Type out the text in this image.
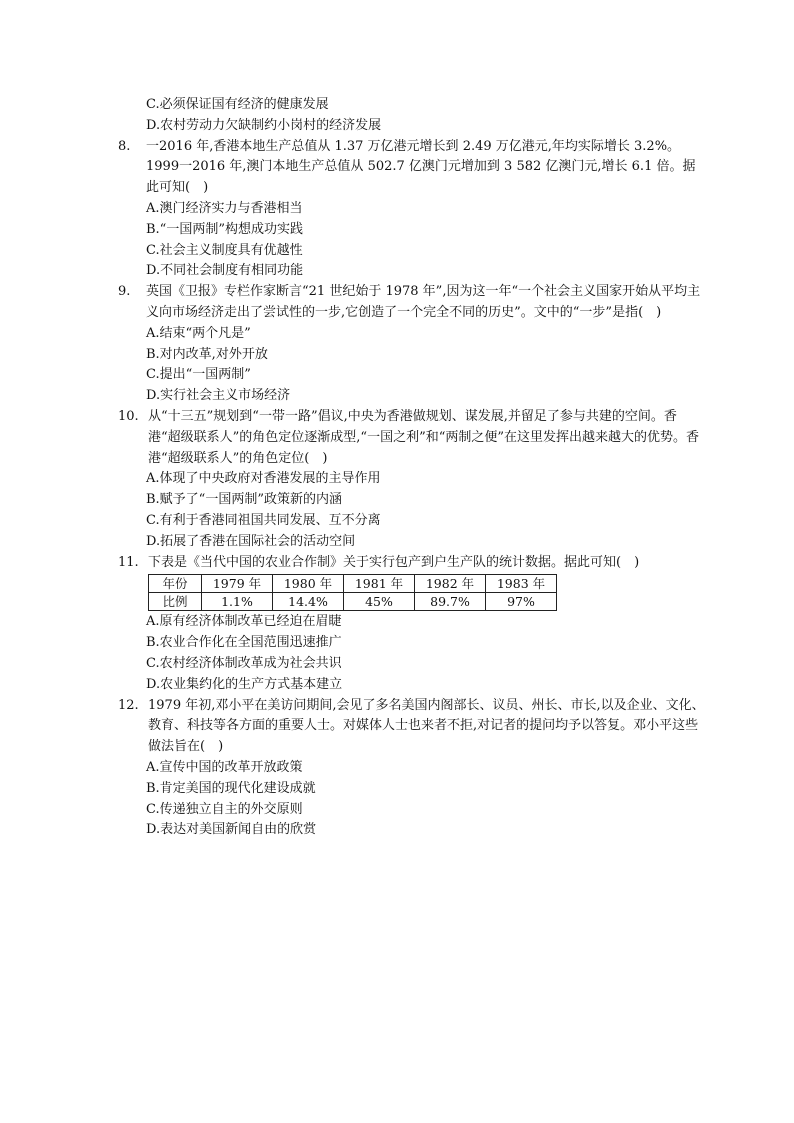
C.必须保证国有经济的健康发展
D.农村劳动力欠缺制约小岗村的经济发展
8.	一2016 年,香港本地生产总值从 1.37 万亿港元增长到 2.49 万亿港元,年均实际增长 3.2%。1999一2016 年,澳门本地生产总值从 502.7 亿澳门元增加到 3 582 亿澳门元,增长 6.1 倍。据此可知(　)
A.澳门经济实力与香港相当
B.“一国两制”构想成功实践
C.社会主义制度具有优越性
D.不同社会制度有相同功能
9.	英国《卫报》专栏作家断言“21 世纪始于 1978 年”,因为这一年“一个社会主义国家开始从平均主义向市场经济走出了尝试性的一步,它创造了一个完全不同的历史”。文中的“一步”是指(　)
A.结束“两个凡是”
B.对内改革,对外开放
C.提出“一国两制”
D.实行社会主义市场经济
10. 从“十三五”规划到“一带一路”倡议,中央为香港做规划、谋发展,并留足了参与共建的空间。香港“超级联系人”的角色定位逐渐成型,“一国之利”和“两制之便”在这里发挥出越来越大的优势。香港“超级联系人”的角色定位(　)
A.体现了中央政府对香港发展的主导作用
B.赋予了“一国两制”政策新的内涵
C.有利于香港同祖国共同发展、互不分离
D.拓展了香港在国际社会的活动空间
11. 下表是《当代中国的农业合作制》关于实行包产到户生产队的统计数据。据此可知(　)
年份	1979 年	1980 年	1981 年	1982 年	1983 年
比例	1.1%	14.4%	45%	89.7%	97%
A.原有经济体制改革已经迫在眉睫
B.农业合作化在全国范围迅速推广
C.农村经济体制改革成为社会共识
D.农业集约化的生产方式基本建立
12. 1979 年初,邓小平在美访问期间,会见了多名美国内阁部长、议员、州长、市长,以及企业、文化、教育、科技等各方面的重要人士。对媒体人士也来者不拒,对记者的提问均予以答复。邓小平这些做法旨在(　)
A.宣传中国的改革开放政策
B.肯定美国的现代化建设成就
C.传递独立自主的外交原则
D.表达对美国新闻自由的欣赏
